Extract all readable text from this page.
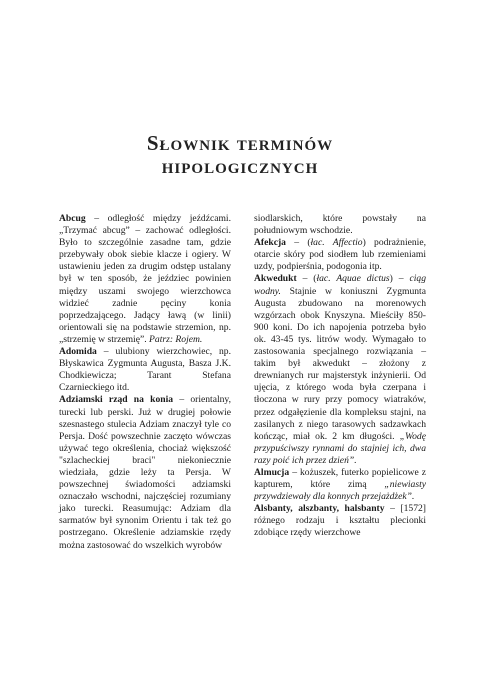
Słownik terminów
hipologicznych

Abcug – odległość między jeźdźcami. „Trzymać abcug” – zachować odległości. Było to szczególnie zasadne tam, gdzie przebywały obok siebie klacze i ogiery. W ustawieniu jeden za drugim odstęp ustalany był w ten sposób, że jeździec powinien między uszami swojego wierzchowca widzieć zadnie pęciny konia poprzedzającego. Jadący ławą (w linii) orientowali się na podstawie strzemion, np. „strzemię w strzemię”. Patrz: Rojem.

Adomida – ulubiony wierzchowiec, np. Błyskawica Zygmunta Augusta, Basza J.K. Chodkiewicza; Tarant Stefana Czarnieckiego itd.

Adziamski rząd na konia – orientalny, turecki lub perski. Już w drugiej połowie szesnastego stulecia Adziam znaczył tyle co Persja. Dość powszechnie zaczęto wówczas używać tego określenia, chociaż większość "szlacheckiej braci" niekoniecznie wiedziała, gdzie leży ta Persja. W powszechnej świadomości adziamski oznaczało wschodni, najczęściej rozumiany jako turecki. Reasumując: Adziam dla sarmatów był synonim Orientu i tak też go postrzegano. Określenie adziamskie rzędy można zastosować do wszelkich wyrobów

siodlarskich, które powstały na południowym wschodzie.

Afekcja – (łac. Affectio) podrażnienie, otarcie skóry pod siodłem lub rzemieniami uzdy, podpierśnia, podogonia itp.

Akwedukt – (łac. Aquae dictus) – ciąg wodny. Stajnie w koniuszni Zygmunta Augusta zbudowano na morenowych wzgórzach obok Knyszyna. Mieściły 850-900 koni. Do ich napojenia potrzeba było ok. 43-45 tys. litrów wody. Wymagało to zastosowania specjalnego rozwiązania – takim był akwedukt – złożony z drewnianych rur majsterstyk inżynierii. Od ujęcia, z którego woda była czerpana i tłoczona w rury przy pomocy wiatraków, przez odgałęzienie dla kompleksu stajni, na zasilanych z niego tarasowych sadzawkach kończąc, miał ok. 2 km długości. „Wodę przypuściwszy rynnami do stajniej ich, dwa razy poić ich przez dzień”.

Almucja – kożuszek, futerko popielicowe z kapturem, które zimą „niewiasty przywdziewały dla konnych przejażdżek”.

Alsbanty, alszbanty, halsbanty – [1572] różnego rodzaju i kształtu plecionki zdobiące rzędy wierzchowe
